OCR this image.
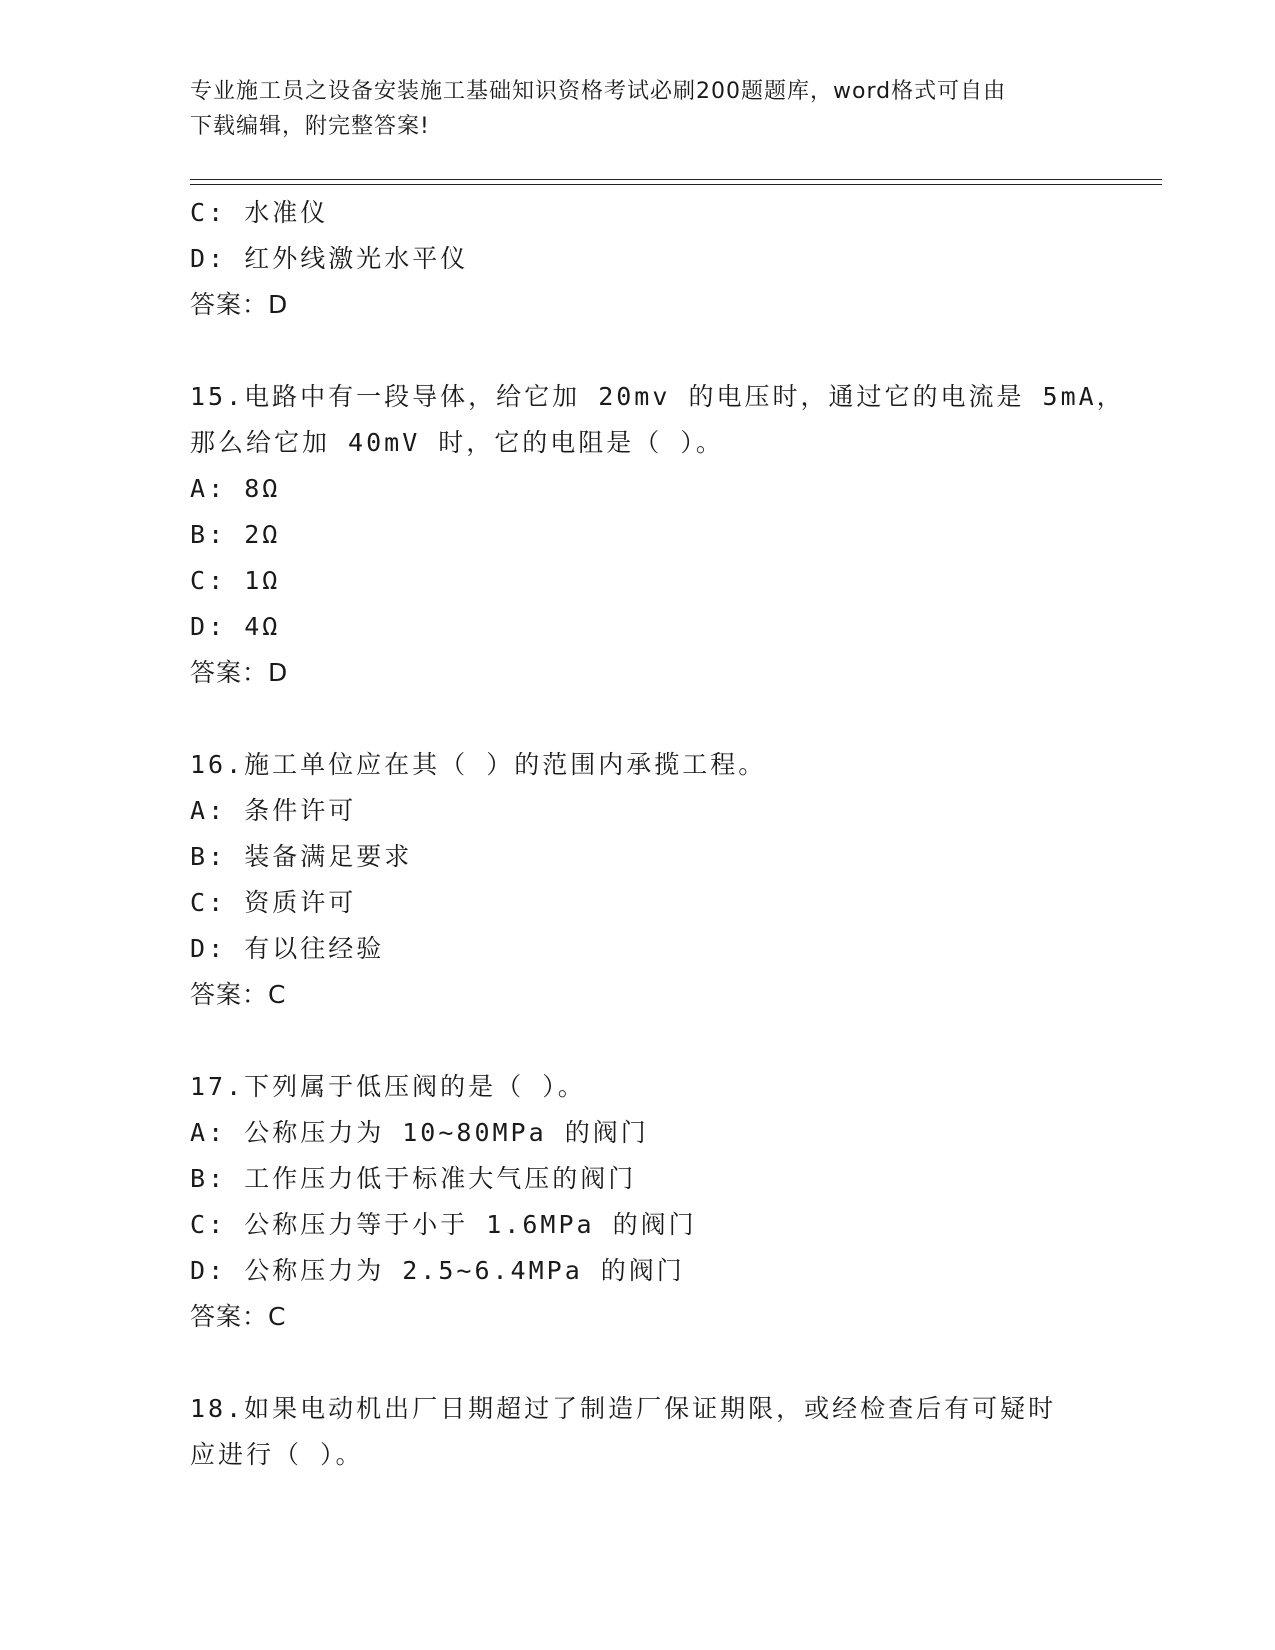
专业施工员之设备安装施工基础知识资格考试必刷200题题库，word格式可自由
下载编辑，附完整答案!
C: 水准仪
D: 红外线激光水平仪
答案：D
15.电路中有一段导体，给它加 20mv 的电压时，通过它的电流是 5mA，
那么给它加 40mV 时，它的电阻是（ ）。
A: 8Ω
B: 2Ω
C: 1Ω
D: 4Ω
答案：D
16.施工单位应在其（ ）的范围内承揽工程。
A: 条件许可
B: 装备满足要求
C: 资质许可
D: 有以往经验
答案：C
17.下列属于低压阀的是（ ）。
A: 公称压力为 10~80MPa 的阀门
B: 工作压力低于标准大气压的阀门
C: 公称压力等于小于 1.6MPa 的阀门
D: 公称压力为 2.5~6.4MPa 的阀门
答案：C
18.如果电动机出厂日期超过了制造厂保证期限，或经检查后有可疑时
应进行（ ）。
